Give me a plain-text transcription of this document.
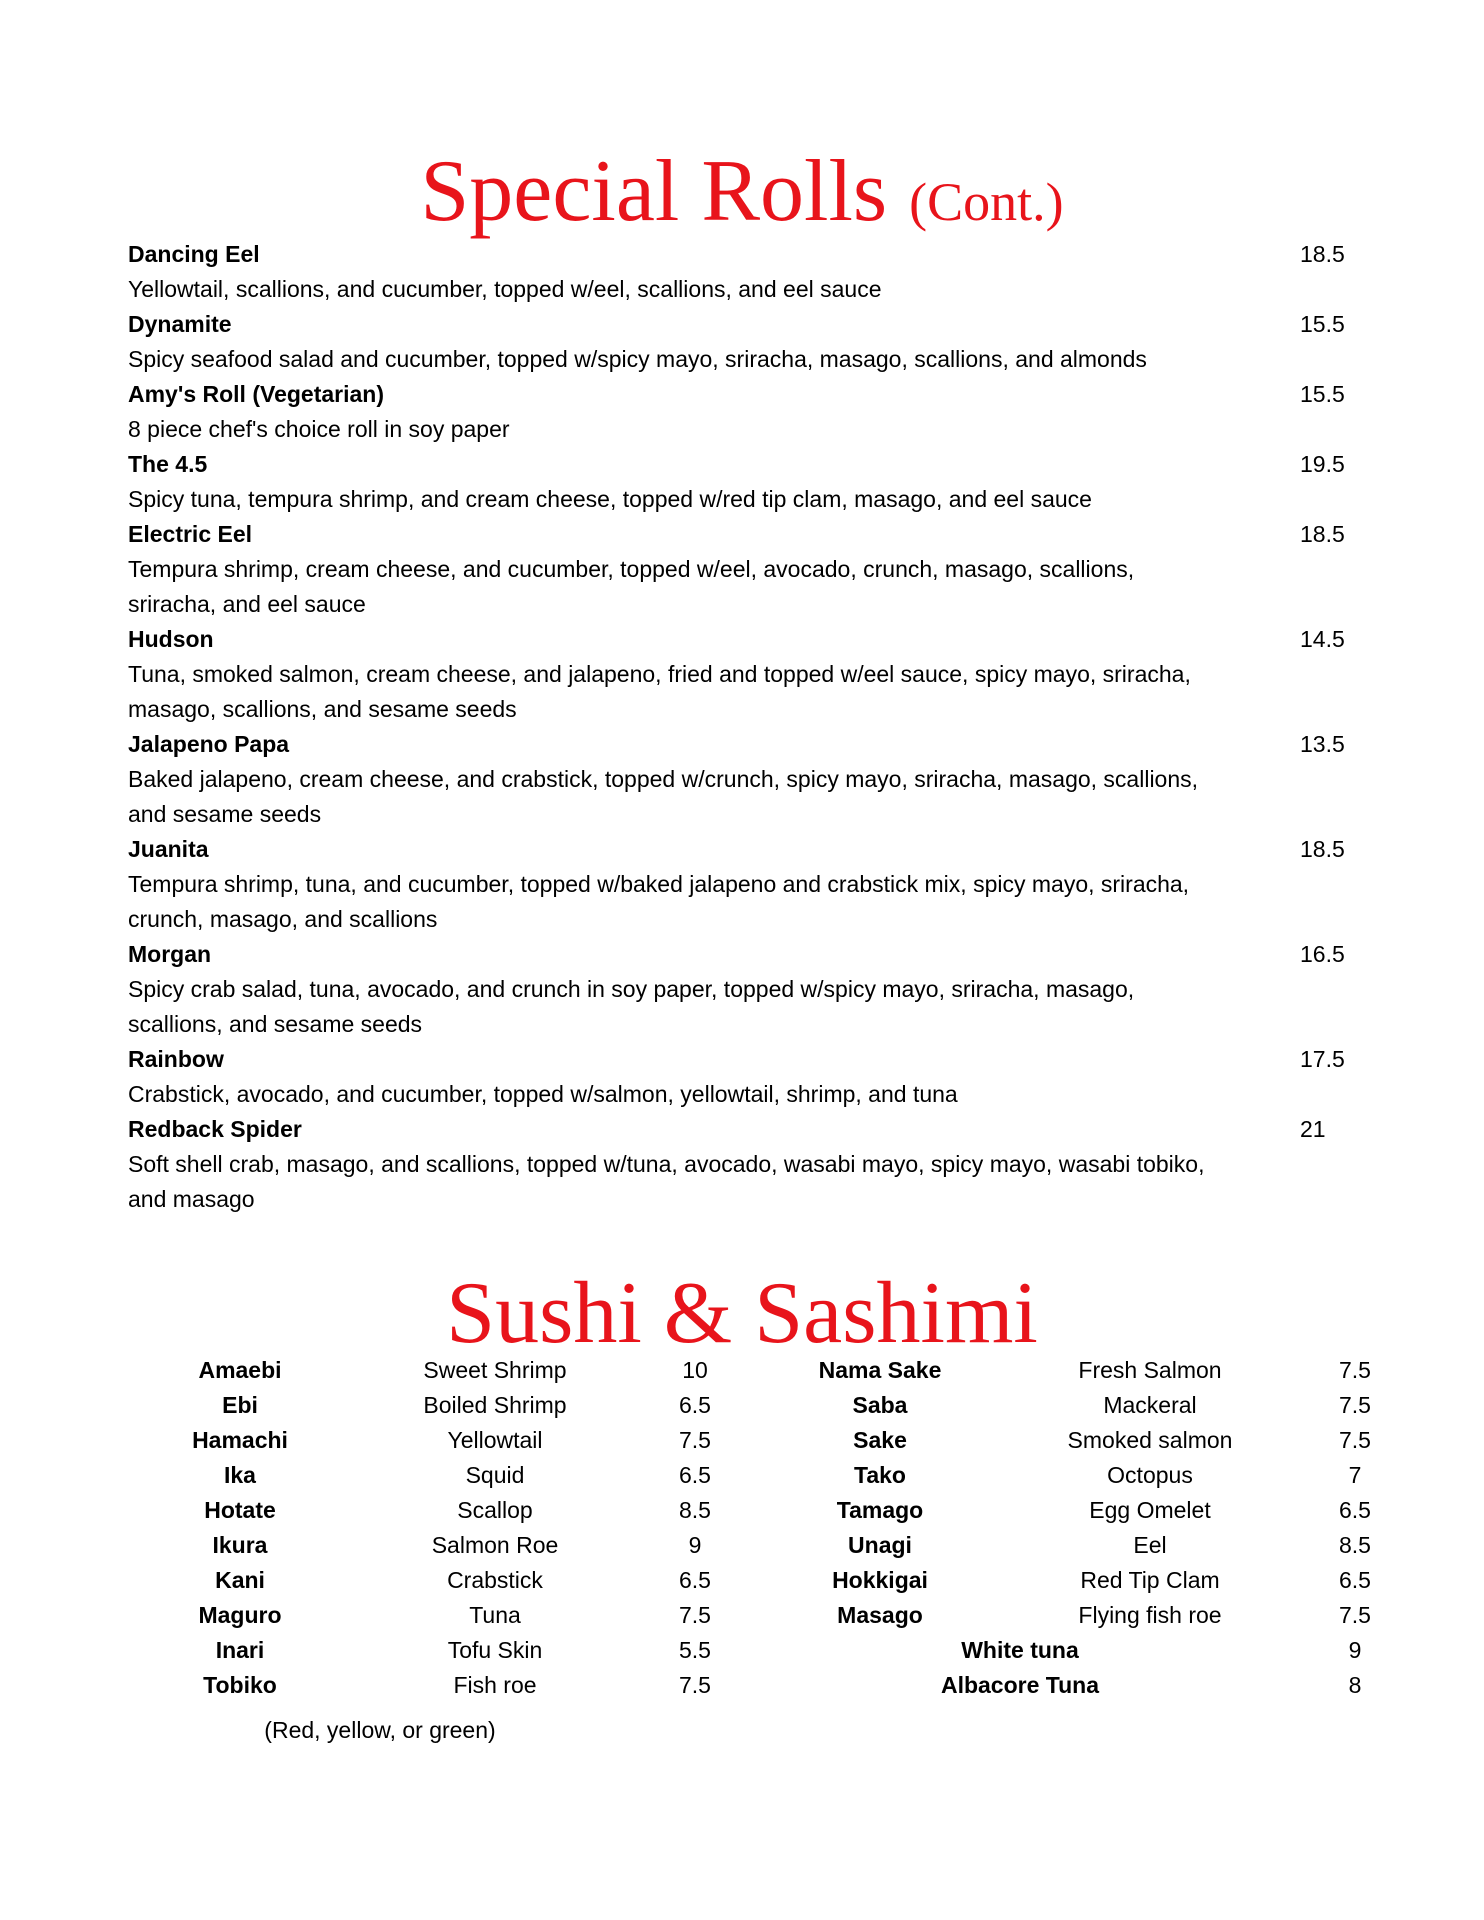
Special Rolls (Cont.)
Dancing Eel	18.5
Yellowtail, scallions, and cucumber, topped w/eel, scallions, and eel sauce
Dynamite	15.5
Spicy seafood salad and cucumber, topped w/spicy mayo, sriracha, masago, scallions, and almonds
Amy's Roll (Vegetarian)	15.5
8 piece chef's choice roll in soy paper
The 4.5	19.5
Spicy tuna, tempura shrimp, and cream cheese, topped w/red tip clam, masago, and eel sauce
Electric Eel	18.5
Tempura shrimp, cream cheese, and cucumber, topped w/eel, avocado, crunch, masago, scallions, sriracha, and eel sauce
Hudson	14.5
Tuna, smoked salmon, cream cheese, and jalapeno, fried and topped w/eel sauce, spicy mayo, sriracha, masago, scallions, and sesame seeds
Jalapeno Papa	13.5
Baked jalapeno, cream cheese, and crabstick, topped w/crunch, spicy mayo, sriracha, masago, scallions, and sesame seeds
Juanita	18.5
Tempura shrimp, tuna, and cucumber, topped w/baked jalapeno and crabstick mix, spicy mayo, sriracha, crunch, masago, and scallions
Morgan	16.5
Spicy crab salad, tuna, avocado, and crunch in soy paper, topped w/spicy mayo, sriracha, masago, scallions, and sesame seeds
Rainbow	17.5
Crabstick, avocado, and cucumber, topped w/salmon, yellowtail, shrimp, and tuna
Redback Spider	21
Soft shell crab, masago, and scallions, topped w/tuna, avocado, wasabi mayo, spicy mayo, wasabi tobiko, and masago
Sushi & Sashimi
Amaebi	Sweet Shrimp	10	Nama Sake	Fresh Salmon	7.5
Ebi	Boiled Shrimp	6.5	Saba	Mackeral	7.5
Hamachi	Yellowtail	7.5	Sake	Smoked salmon	7.5
Ika	Squid	6.5	Tako	Octopus	7
Hotate	Scallop	8.5	Tamago	Egg Omelet	6.5
Ikura	Salmon Roe	9	Unagi	Eel	8.5
Kani	Crabstick	6.5	Hokkigai	Red Tip Clam	6.5
Maguro	Tuna	7.5	Masago	Flying fish roe	7.5
Inari	Tofu Skin	5.5	White tuna	9
Tobiko	Fish roe	7.5	Albacore Tuna	8
(Red, yellow, or green)
